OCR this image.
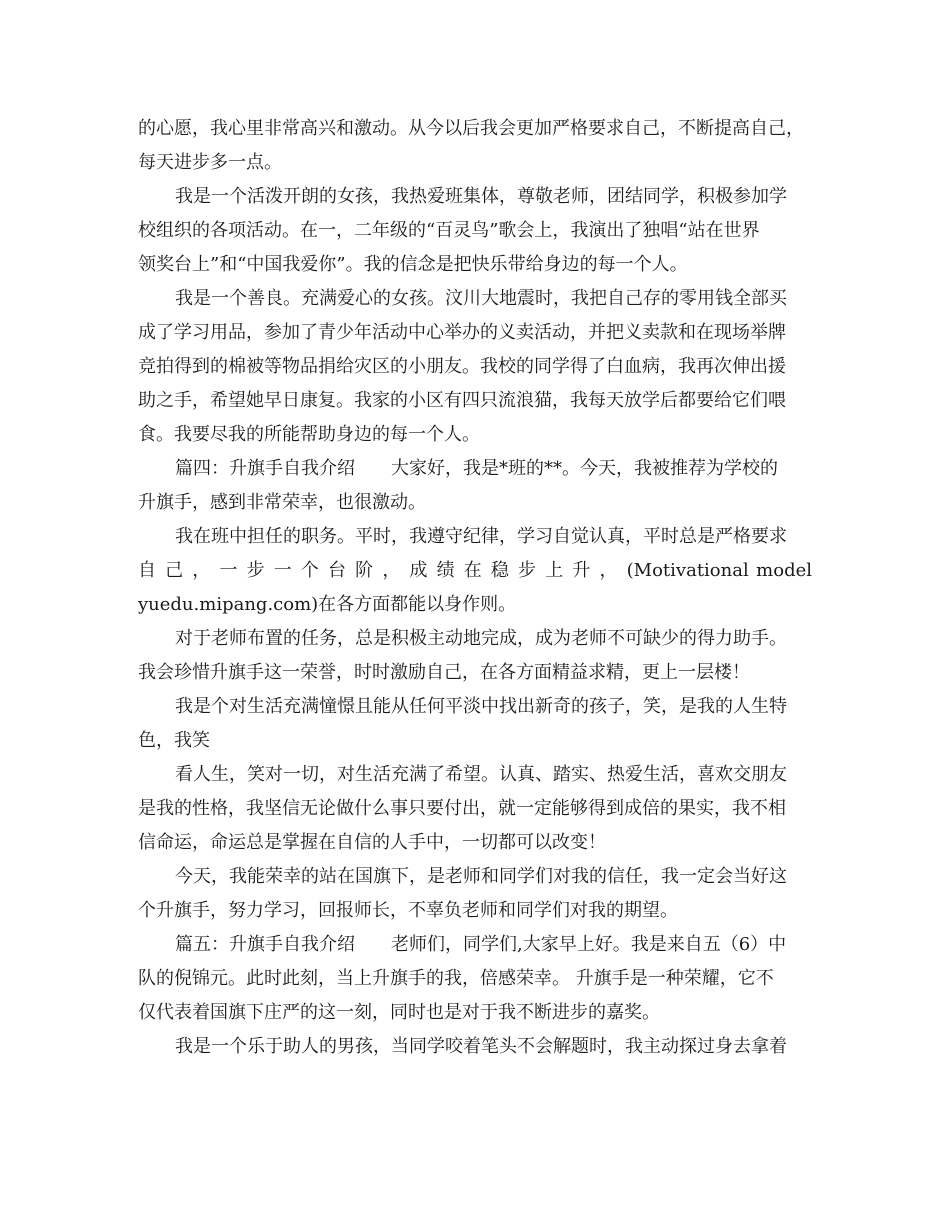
的心愿，我心里非常高兴和激动。从今以后我会更加严格要求自己，不断提高自己，
每天进步多一点。
我是一个活泼开朗的女孩，我热爱班集体，尊敬老师，团结同学，积极参加学
校组织的各项活动。在一，二年级的“百灵鸟”歌会上，我演出了独唱“站在世界
领奖台上”和“中国我爱你”。我的信念是把快乐带给身边的每一个人。
我是一个善良。充满爱心的女孩。汶川大地震时，我把自己存的零用钱全部买
成了学习用品，参加了青少年活动中心举办的义卖活动，并把义卖款和在现场举牌
竞拍得到的棉被等物品捐给灾区的小朋友。我校的同学得了白血病，我再次伸出援
助之手，希望她早日康复。我家的小区有四只流浪猫，我每天放学后都要给它们喂
食。我要尽我的所能帮助身边的每一个人。
篇四：升旗手自我介绍　　大家好，我是*班的**。今天，我被推荐为学校的
升旗手，感到非常荣幸，也很激动。
我在班中担任的职务。平时，我遵守纪律，学习自觉认真，平时总是严格要求
自 己 ， 一 步 一 个 台 阶 ， 成 绩 在 稳 步 上 升 ， (Motivational model
yuedu.mipang.com)在各方面都能以身作则。
对于老师布置的任务，总是积极主动地完成，成为老师不可缺少的得力助手。
我会珍惜升旗手这一荣誉，时时激励自己，在各方面精益求精，更上一层楼！
我是个对生活充满憧憬且能从任何平淡中找出新奇的孩子，笑，是我的人生特
色，我笑
看人生，笑对一切，对生活充满了希望。认真、踏实、热爱生活，喜欢交朋友
是我的性格，我坚信无论做什么事只要付出，就一定能够得到成倍的果实，我不相
信命运，命运总是掌握在自信的人手中，一切都可以改变！
今天，我能荣幸的站在国旗下，是老师和同学们对我的信任，我一定会当好这
个升旗手，努力学习，回报师长，不辜负老师和同学们对我的期望。
篇五：升旗手自我介绍　　老师们，同学们,大家早上好。我是来自五（6）中
队的倪锦元。此时此刻，当上升旗手的我，倍感荣幸。 升旗手是一种荣耀，它不
仅代表着国旗下庄严的这一刻，同时也是对于我不断进步的嘉奖。
我是一个乐于助人的男孩，当同学咬着笔头不会解题时，我主动探过身去拿着
